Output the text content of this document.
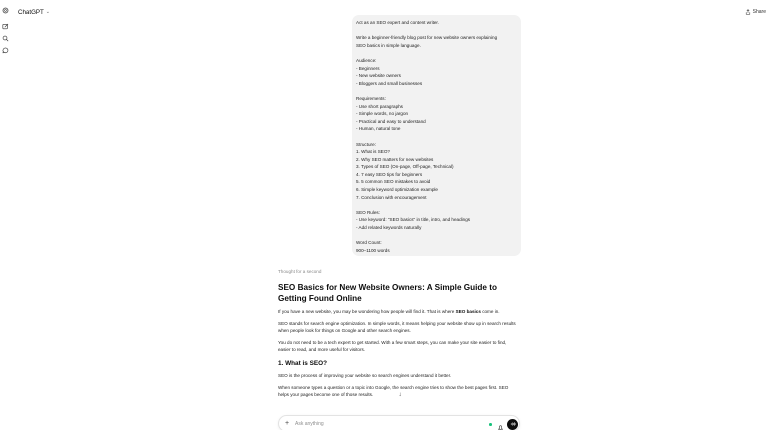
ChatGPT ⌄	Share
Act as an SEO expert and content writer.
Write a beginner-friendly blog post for new website owners explaining
SEO basics in simple language.
Audience:
- Beginners
- New website owners
- Bloggers and small businesses
Requirements:
- Use short paragraphs
- Simple words, no jargon
- Practical and easy to understand
- Human, natural tone
Structure:
1. What is SEO?
2. Why SEO matters for new websites
3. Types of SEO (On-page, Off-page, Technical)
4. 7 easy SEO tips for beginners
5. 5 common SEO mistakes to avoid
6. Simple keyword optimization example
7. Conclusion with encouragement
SEO Rules:
- Use keyword: "SEO basics" in title, intro, and headings
- Add related keywords naturally
Word Count:
900–1100 words
Thought for a second
SEO Basics for New Website Owners: A Simple Guide to Getting Found Online

If you have a new website, you may be wondering how people will find it. That is where SEO basics come in.

SEO stands for search engine optimization. In simple words, it means helping your website show up in search results when people look for things on Google and other search engines.

You do not need to be a tech expert to get started. With a few smart steps, you can make your site easier to find, easier to read, and more useful for visitors.

1. What is SEO?

SEO is the process of improving your website so search engines understand it better.

When someone types a question or a topic into Google, the search engine tries to show the best pages first. SEO helps your pages become one of those results.	↓
+
Ask anything
